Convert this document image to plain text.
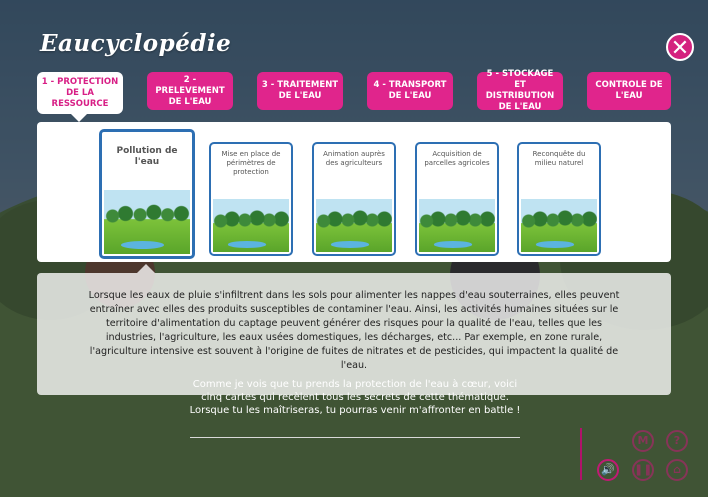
Eaucyclopédie	✕
1 - PROTECTION DE LA RESSOURCE
2 - PRELEVEMENT DE L'EAU
3 - TRAITEMENT DE L'EAU
4 - TRANSPORT DE L'EAU
5 - STOCKAGE ET DISTRIBUTION DE L'EAU
CONTROLE DE L'EAU
Pollution de l'eau
Mise en place de périmètres de protection
Animation auprès des agriculteurs
Acquisition de parcelles agricoles
Reconquête du milieu naturel
Lorsque les eaux de pluie s'infiltrent dans les sols pour alimenter les nappes d'eau souterraines, elles peuvent entraîner avec elles des produits susceptibles de contaminer l'eau. Ainsi, les activités humaines situées sur le territoire d'alimentation du captage peuvent générer des risques pour la qualité de l'eau, telles que les industries, l'agriculture, les eaux usées domestiques, les décharges, etc... Par exemple, en zone rurale, l'agriculture intensive est souvent à l'origine de fuites de nitrates et de pesticides, qui impactent la qualité de l'eau.
Comme je vois que tu prends la protection de l'eau à cœur, voici cinq cartes qui recèlent tous les secrets de cette thématique. Lorsque tu les maîtriseras, tu pourras venir m'affronter en battle !
M	?
🔊	❚❚	⌂
